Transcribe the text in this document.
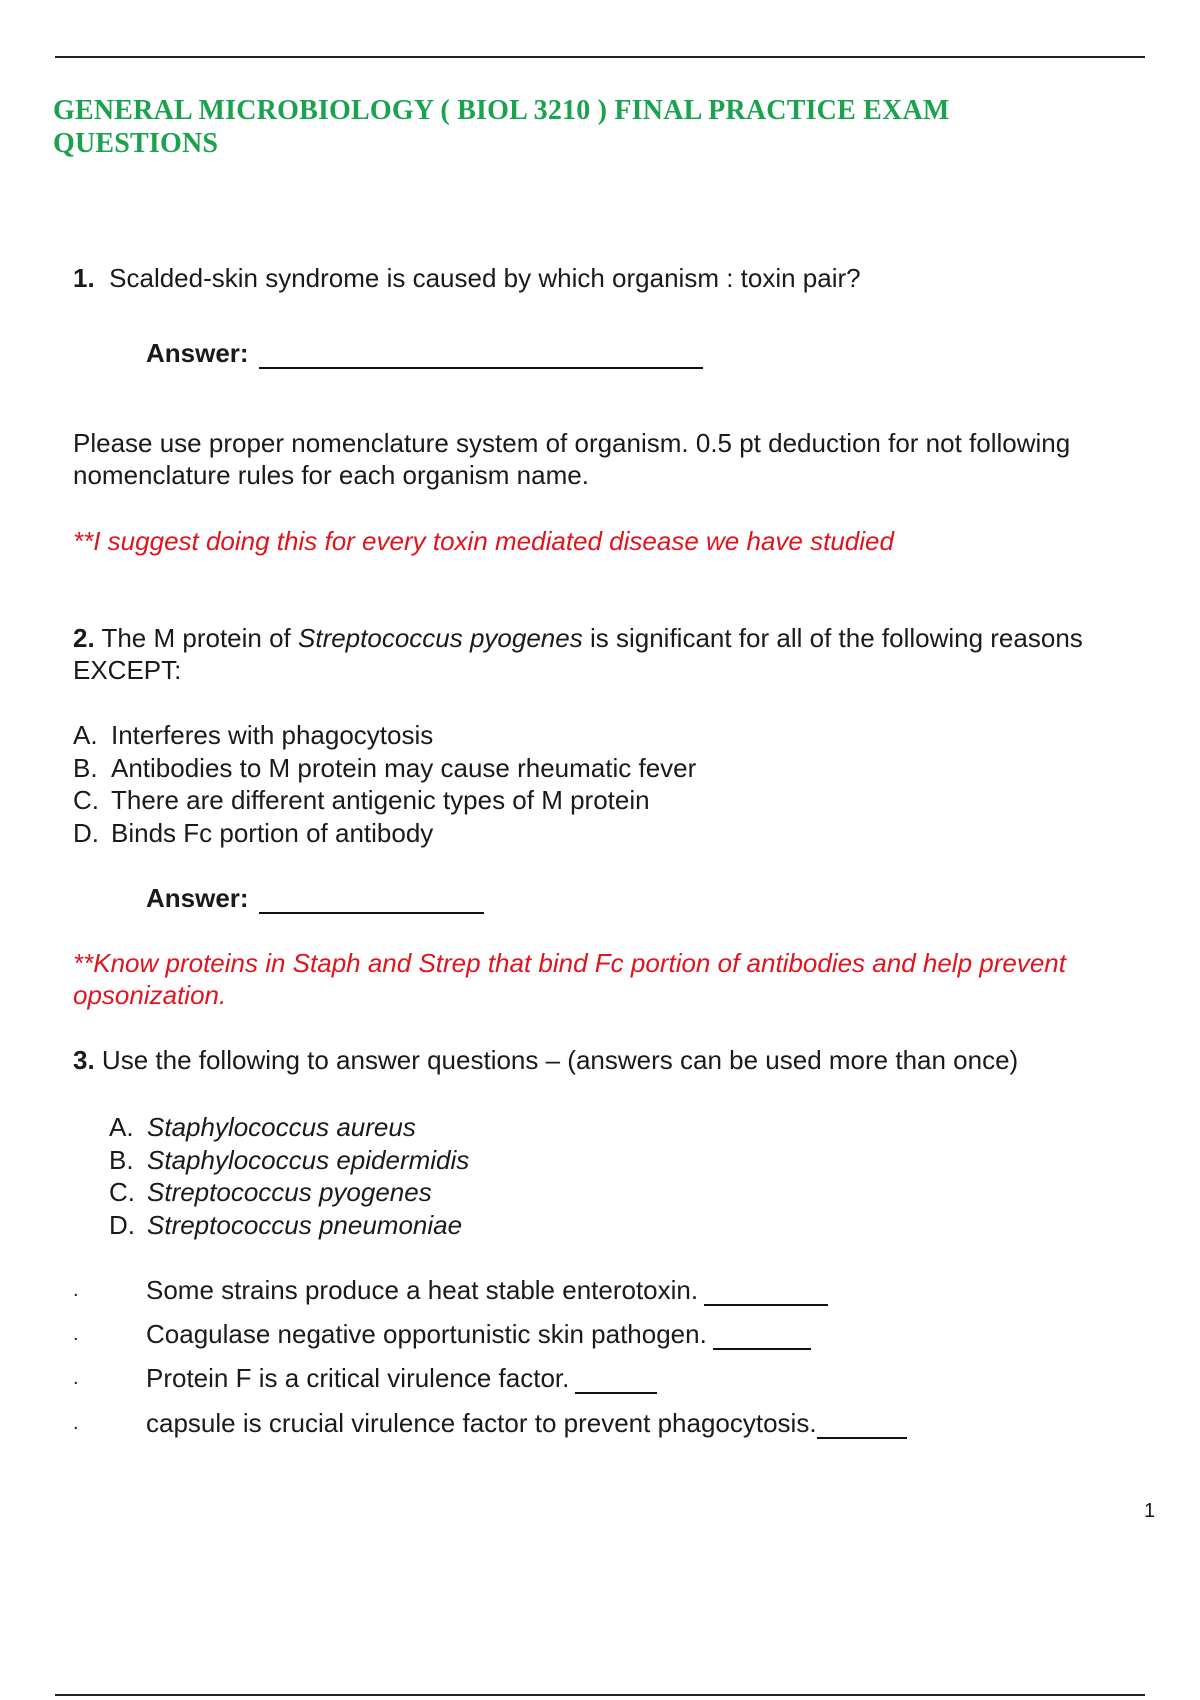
GENERAL MICROBIOLOGY ( BIOL 3210 ) FINAL PRACTICE EXAM QUESTIONS
1. Scalded-skin syndrome is caused by which organism : toxin pair?
Answer:
Please use proper nomenclature system of organism. 0.5 pt deduction for not following nomenclature rules for each organism name.
**I suggest doing this for every toxin mediated disease we have studied
2. The M protein of Streptococcus pyogenes is significant for all of the following reasons EXCEPT:
A. Interferes with phagocytosis
B. Antibodies to M protein may cause rheumatic fever
C. There are different antigenic types of M protein
D. Binds Fc portion of antibody
Answer:
**Know proteins in Staph and Strep that bind Fc portion of antibodies and help prevent opsonization.
3. Use the following to answer questions – (answers can be used more than once)
A. Staphylococcus aureus
B. Staphylococcus epidermidis
C. Streptococcus pyogenes
D. Streptococcus pneumoniae
.	Some strains produce a heat stable enterotoxin.
.	Coagulase negative opportunistic skin pathogen.
.	Protein F is a critical virulence factor.
.	capsule is crucial virulence factor to prevent phagocytosis.
1
